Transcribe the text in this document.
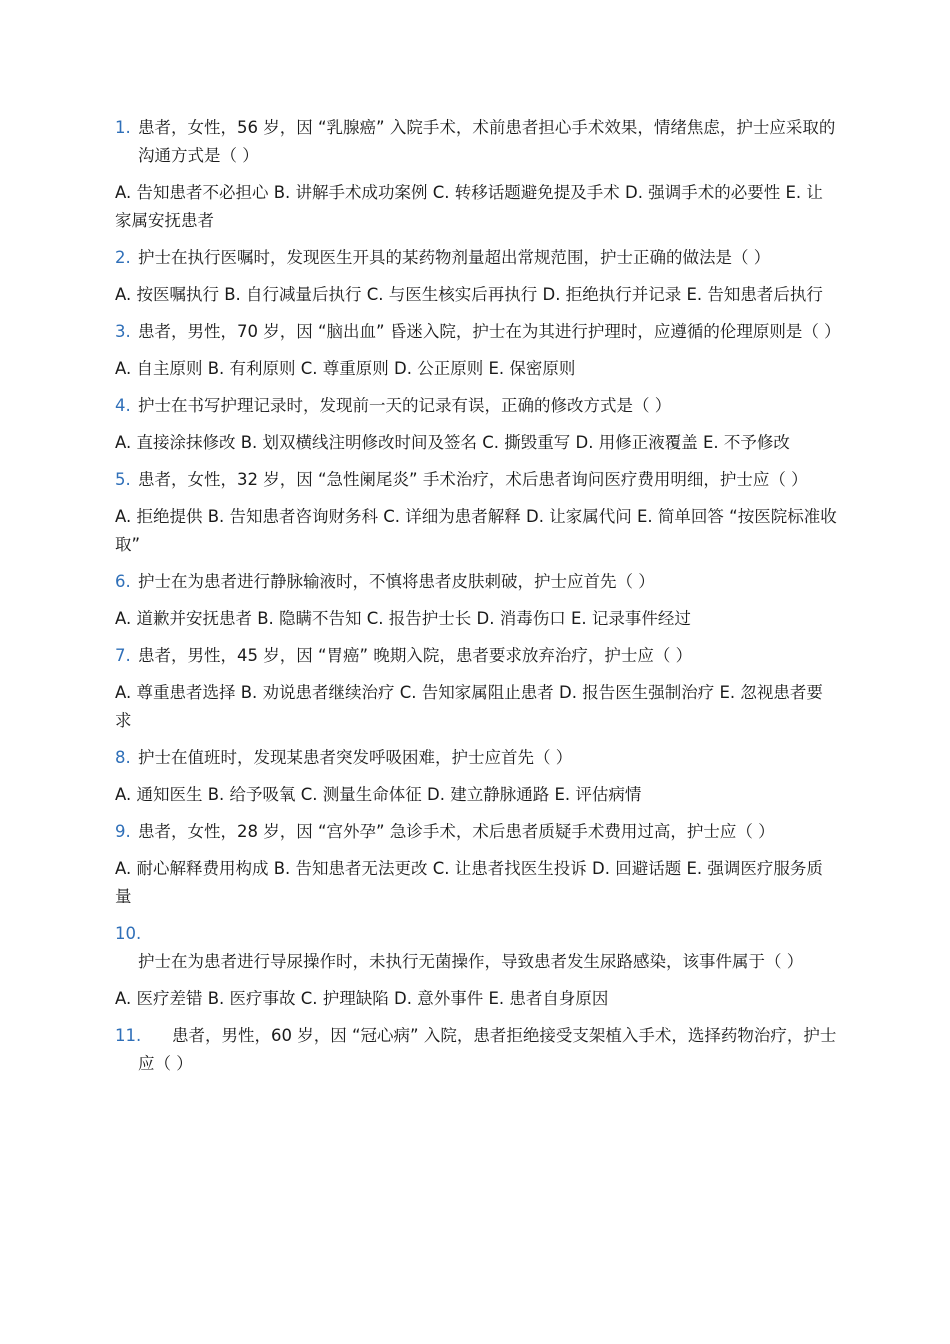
1. 患者，女性，56 岁，因 “乳腺癌” 入院手术，术前患者担心手术效果，情绪焦虑，护士应采取的沟通方式是（ ）
A. 告知患者不必担心 B. 讲解手术成功案例 C. 转移话题避免提及手术 D. 强调手术的必要性 E. 让家属安抚患者
2. 护士在执行医嘱时，发现医生开具的某药物剂量超出常规范围，护士正确的做法是（ ）
A. 按医嘱执行 B. 自行减量后执行 C. 与医生核实后再执行 D. 拒绝执行并记录 E. 告知患者后执行
3. 患者，男性，70 岁，因 “脑出血” 昏迷入院，护士在为其进行护理时，应遵循的伦理原则是（ ）
A. 自主原则 B. 有利原则 C. 尊重原则 D. 公正原则 E. 保密原则
4. 护士在书写护理记录时，发现前一天的记录有误，正确的修改方式是（ ）
A. 直接涂抹修改 B. 划双横线注明修改时间及签名 C. 撕毁重写 D. 用修正液覆盖 E. 不予修改
5. 患者，女性，32 岁，因 “急性阑尾炎” 手术治疗，术后患者询问医疗费用明细，护士应（ ）
A. 拒绝提供 B. 告知患者咨询财务科 C. 详细为患者解释 D. 让家属代问 E. 简单回答 “按医院标准收取”
6. 护士在为患者进行静脉输液时，不慎将患者皮肤刺破，护士应首先（ ）
A. 道歉并安抚患者 B. 隐瞒不告知 C. 报告护士长 D. 消毒伤口 E. 记录事件经过
7. 患者，男性，45 岁，因 “胃癌” 晚期入院，患者要求放弃治疗，护士应（ ）
A. 尊重患者选择 B. 劝说患者继续治疗 C. 告知家属阻止患者 D. 报告医生强制治疗 E. 忽视患者要求
8. 护士在值班时，发现某患者突发呼吸困难，护士应首先（ ）
A. 通知医生 B. 给予吸氧 C. 测量生命体征 D. 建立静脉通路 E. 评估病情
9. 患者，女性，28 岁，因 “宫外孕” 急诊手术，术后患者质疑手术费用过高，护士应（ ）
A. 耐心解释费用构成 B. 告知患者无法更改 C. 让患者找医生投诉 D. 回避话题 E. 强调医疗服务质量
10.
护士在为患者进行导尿操作时，未执行无菌操作，导致患者发生尿路感染，该事件属于（ ）
A. 医疗差错 B. 医疗事故 C. 护理缺陷 D. 意外事件 E. 患者自身原因
11. 患者，男性，60 岁，因 “冠心病” 入院，患者拒绝接受支架植入手术，选择药物治疗，护士应（ ）
